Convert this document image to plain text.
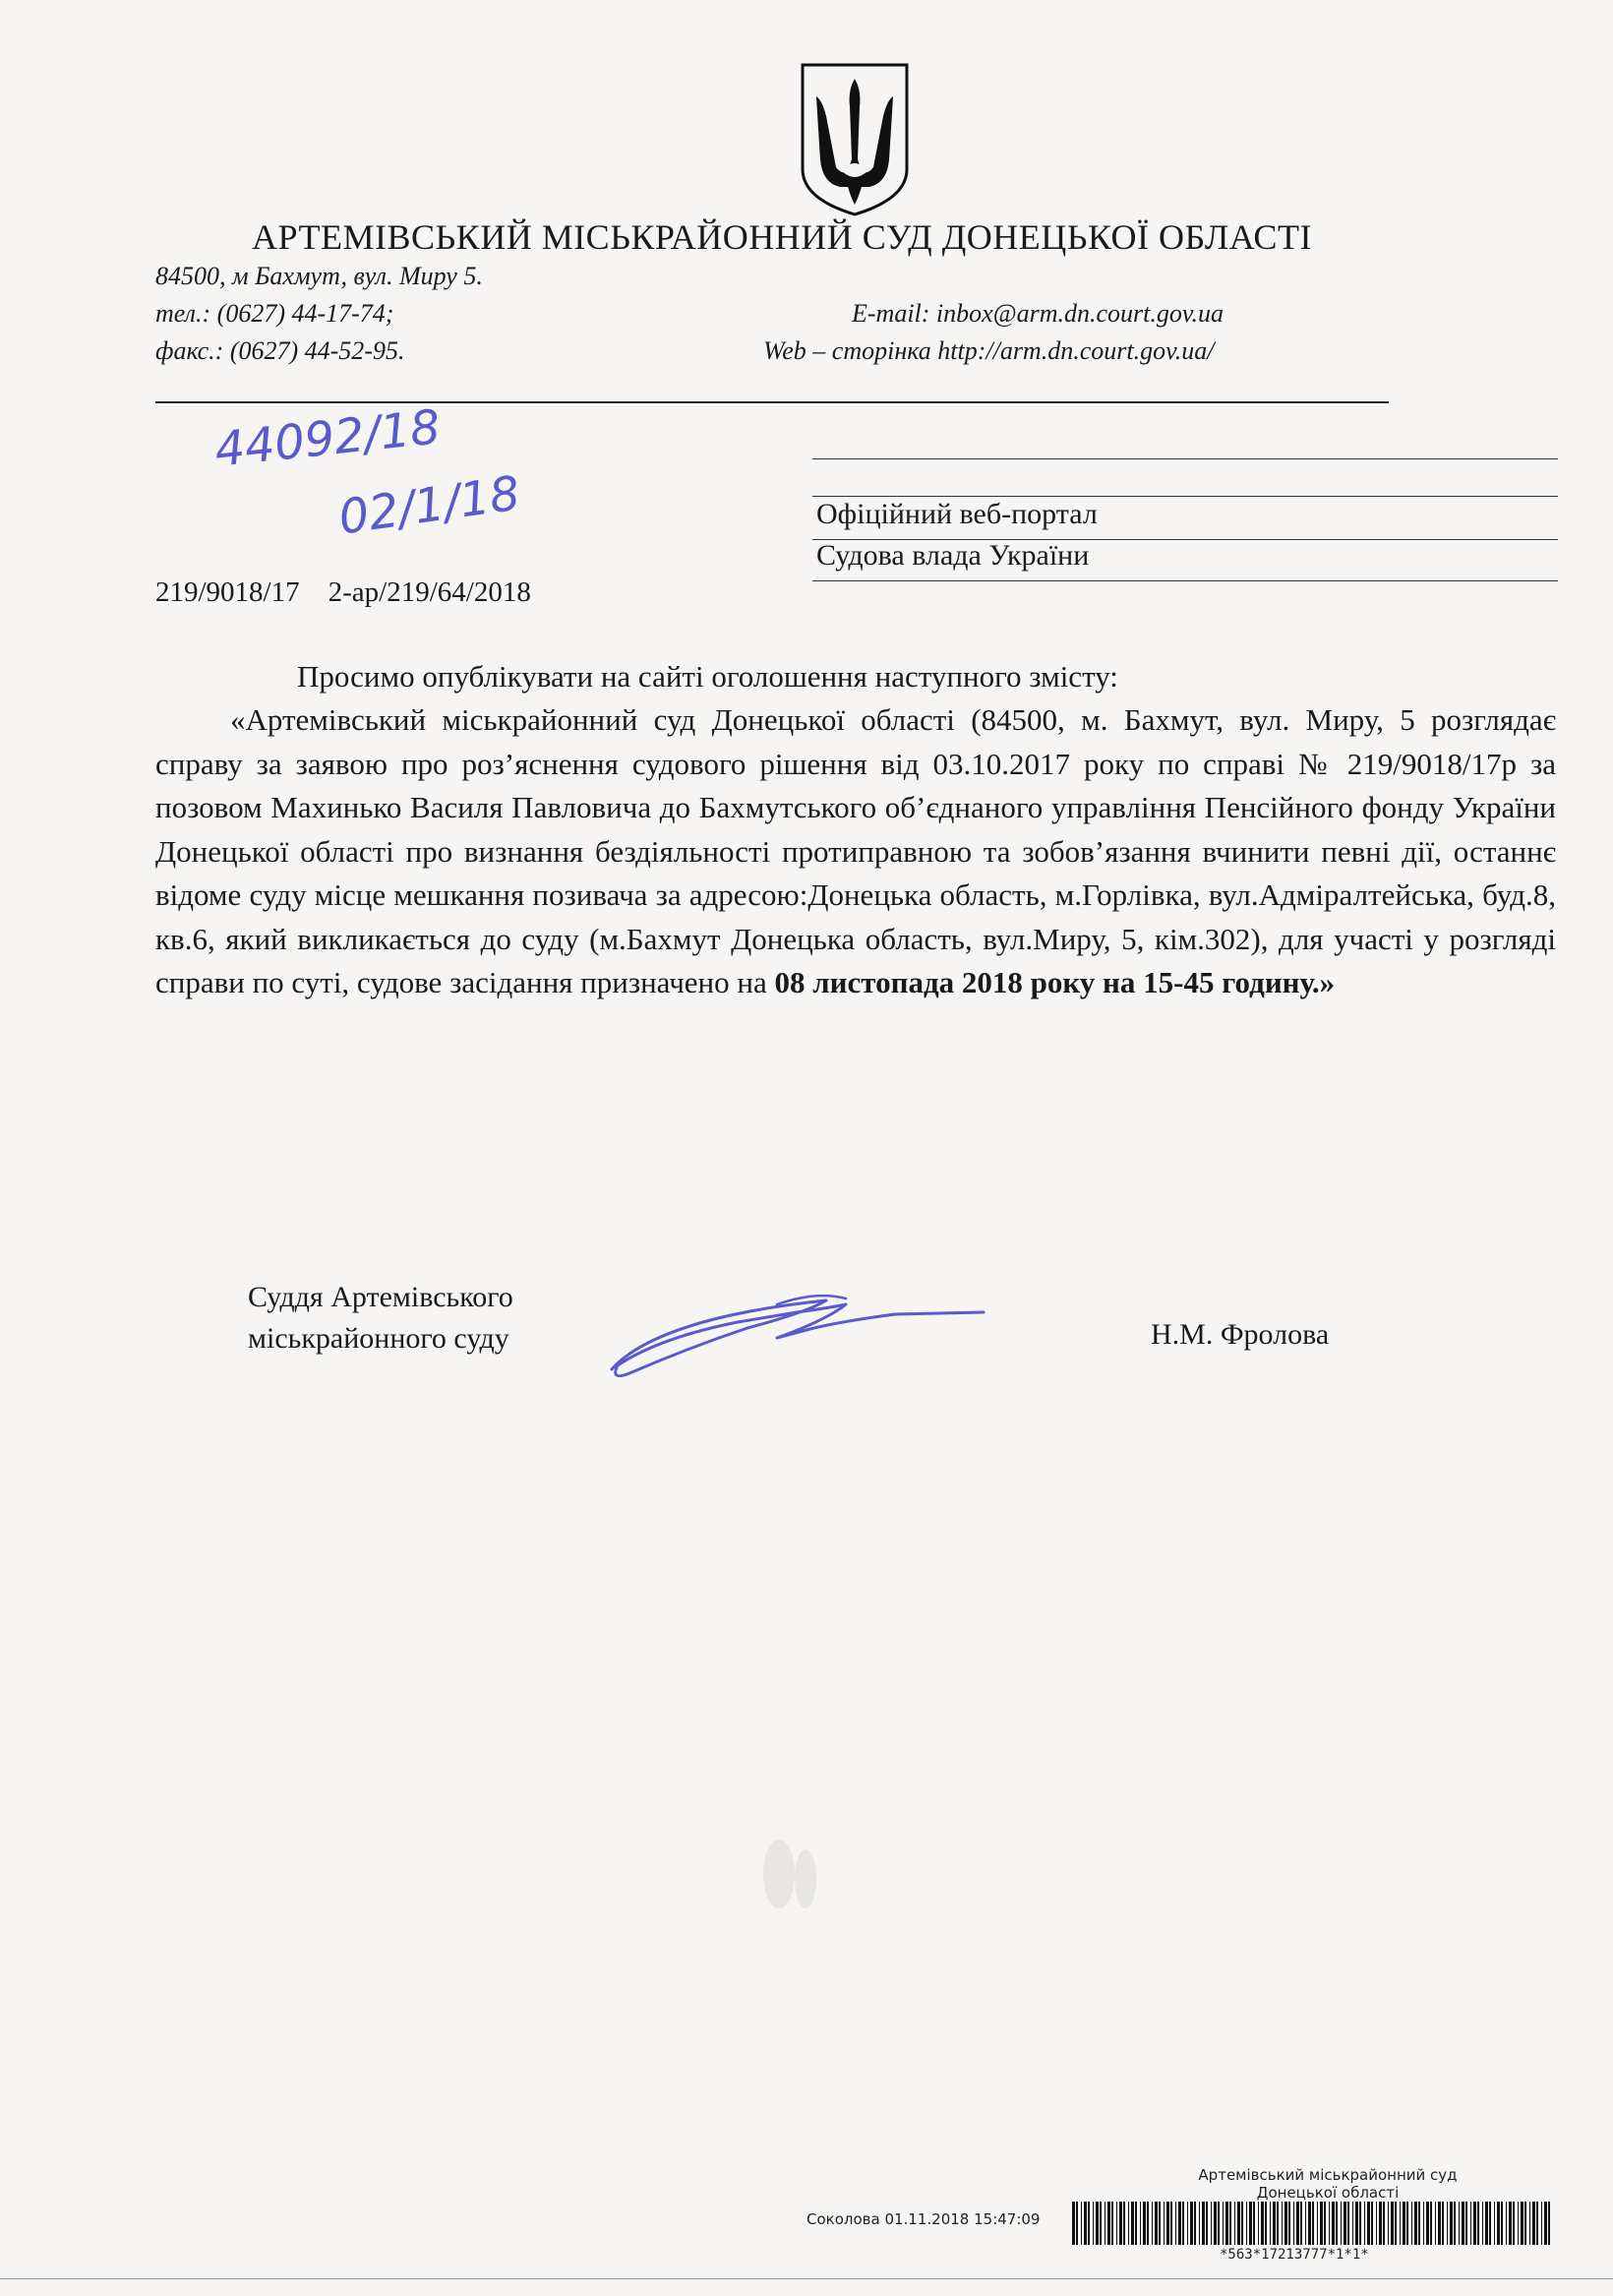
АРТЕМІВСЬКИЙ МІСЬКРАЙОННИЙ СУД ДОНЕЦЬКОЇ ОБЛАСТІ
84500, м Бахмут, вул. Миру 5.
тел.: (0627) 44-17-74;
факс.: (0627) 44-52-95.
E-mail: inbox@arm.dn.court.gov.ua
Web – сторінка http://arm.dn.court.gov.ua/
44092/18
02/1/18	Офіційний веб-портал
Судова влада України
219/9018/17 2-ар/219/64/2018
Просимо опублікувати на сайті оголошення наступного змісту:
«Артемівський міськрайонний суд Донецької області (84500, м. Бахмут, вул. Миру, 5 розглядає справу за заявою про роз’яснення судового рішення від 03.10.2017 року по справі № 219/9018/17р за позовом Махинько Василя Павловича до Бахмутського об’єднаного управління Пенсійного фонду України Донецької області про визнання бездіяльності протиправною та зобов’язання вчинити певні дії, останнє відоме суду місце мешкання позивача за адресою:Донецька область, м.Горлівка, вул.Адміралтейська, буд.8, кв.6, який викликається до суду (м.Бахмут Донецька область, вул.Миру, 5, кім.302), для участі у розгляді справи по суті, судове засідання призначено на 08 листопада 2018 року на 15-45 годину.»
Суддя Артемівського
міськрайонного суду	Н.М. Фролова
Артемівський міськрайонний суд
Донецької області
Соколова 01.11.2018 15:47:09
*563*17213777*1*1*
